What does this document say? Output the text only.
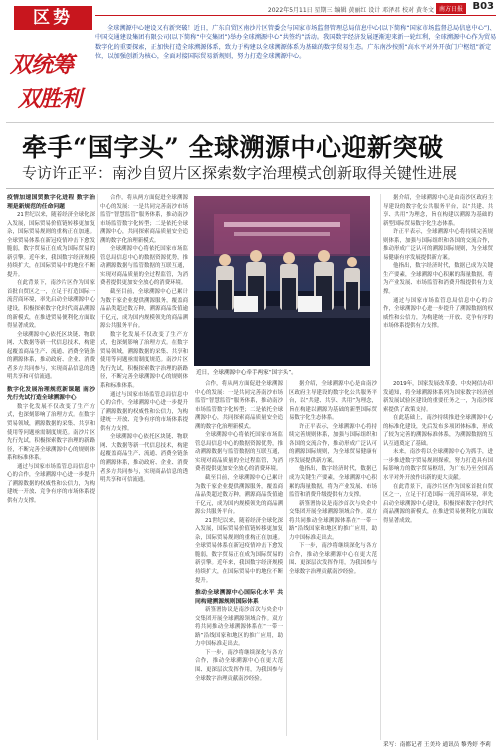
区势	2022年5月11日 星期三 编辑 黄丽红 设计 邓泽君 校对 黄冬文 南方日报 B03
双统筹
双胜利
全球溯源中心建设又有新突破！近日，广东自贸区南沙片区管委会与国家市场监督管理总局信息中心(以下简称“国家市场监督总局信息中心”)、中国交通建设集团有限公司(以下简称“中交集团”)举办全球溯源中心“共签约”活动。我国数字经济发展逐渐迎来新一轮红利，全球溯源中心作为贸易数字化的重要探索，正加快打造全球溯源体系，致力于构建以全球溯源体系为基础的数字贸易生态。广东南沙按照“高水平对外开放门户枢纽”新定位，以加强创新为核心，全面对接国际贸易新规则，努力打造全球溯源中心。
牵手“国字头” 全球溯源中心迎新突破
专访许正平：南沙自贸片区探索数字治理模式创新取得关键性进展
疫情加速国贸数字化进程 数字治理是新规范的任命问题

21世纪以来，随着经济全球化深入发展，国际贸易价值链转移更加复杂，国际贸易规则的重构正在加速。全球贸易体系在新冠疫情冲击下愈发脆弱，数字贸易正在成为国际贸易的新引擎。近年来，我国数字经济规模持续扩大，在国际贸易中的地位不断提升。

在此背景下，南沙片区作为国家首批自贸区之一，立足于打造国际一流营商环境，率先启动全球溯源中心建设，积极探索数字化时代商品溯源的新模式，在推进贸易便利化方面取得显著成效。

全球溯源中心依托区块链、物联网、大数据等新一代信息技术，构建起覆盖商品生产、流通、消费全链条的溯源体系，推动政府、企业、消费者多方共同参与，实现商品信息的透明共享和可信流通。

数字化发展治理规范新课题 南沙先行先试打造全球溯源中心

数字化发展不仅改变了生产方式，也深刻影响了治理方式。在数字贸易领域，溯源数据的采集、共享和使用等问题亟需制度规范。南沙片区先行先试，积极探索数字治理的新路径，不断完善全球溯源中心的规则体系和标准体系。

通过与国家市场监管总局信息中心的合作，全球溯源中心进一步提升了溯源数据的权威性和公信力，为构建统一开放、竞争有序的市场体系提供有力支撑。

合作，将从两方面促进全球溯源中心的发展：一是共同完善南沙市场监管“智慧监管”服务体系，推动南沙市场监管数字化转型；二是依托全球溯源中心，共同探索商品质量安全追溯的数字化治理新模式。

全球溯源中心将依托国家市场监管总局信息中心的数据资源优势，推动溯源数据与监管数据的互联互通，实现对商品质量的全过程监管，为消费者提供更加安全放心的消费环境。

截至目前，全球溯源中心已累计为数千家企业提供溯源服务，覆盖商品品类超过数万种，溯源商品货值逾千亿元，成为国内规模领先的商品溯源公共服务平台。

数字化发展不仅改变了生产方式，也深刻影响了治理方式。在数字贸易领域，溯源数据的采集、共享和使用等问题亟需制度规范。南沙片区先行先试，积极探索数字治理的新路径，不断完善全球溯源中心的规则体系和标准体系。

通过与国家市场监管总局信息中心的合作，全球溯源中心进一步提升了溯源数据的权威性和公信力，为构建统一开放、竞争有序的市场体系提供有力支撑。

全球溯源中心依托区块链、物联网、大数据等新一代信息技术，构建起覆盖商品生产、流通、消费全链条的溯源体系，推动政府、企业、消费者多方共同参与，实现商品信息的透明共享和可信流通。

近日，全球溯源中心牵手两家“国字头”。

合作，将从两方面促进全球溯源中心的发展：一是共同完善南沙市场监管“智慧监管”服务体系，推动南沙市场监管数字化转型；二是依托全球溯源中心，共同探索商品质量安全追溯的数字化治理新模式。

全球溯源中心将依托国家市场监管总局信息中心的数据资源优势，推动溯源数据与监管数据的互联互通，实现对商品质量的全过程监管，为消费者提供更加安全放心的消费环境。

截至目前，全球溯源中心已累计为数千家企业提供溯源服务，覆盖商品品类超过数万种，溯源商品货值逾千亿元，成为国内规模领先的商品溯源公共服务平台。

21世纪以来，随着经济全球化深入发展，国际贸易价值链转移更加复杂，国际贸易规则的重构正在加速。全球贸易体系在新冠疫情冲击下愈发脆弱，数字贸易正在成为国际贸易的新引擎。近年来，我国数字经济规模持续扩大，在国际贸易中的地位不断提升。

推动全球溯源中心国际化水平 共同构建溯源规则国际体系

新签署协议是南沙首次与央企中交集团开展全球溯源领域合作。双方将共同推动全球溯源体系在“一带一路”沿线国家和地区的推广应用，助力中国标准走出去。

下一步，南沙将继续深化与各方合作，推动全球溯源中心在更大范围、更深层次发挥作用，为我国参与全球数字治理贡献南沙经验。

据介绍，全球溯源中心是由南沙区政府主导建设的数字化公共服务平台，以“共建、共享、共用”为理念，旨在构建以溯源为基础的新型国际贸易数字化生态体系。

许正平表示，全球溯源中心将持续完善规则体系，加强与国际组织和各国的交流合作，推动形成广泛认可的溯源国际规则，为全球贸易健康有序发展提供新方案。

他指出，数字经济时代，数据已成为关键生产要素，全球溯源中心积累的海量数据，将为产业发展、市场监管和消费升级提供有力支撑。

新签署协议是南沙首次与央企中交集团开展全球溯源领域合作。双方将共同推动全球溯源体系在“一带一路”沿线国家和地区的推广应用，助力中国标准走出去。

下一步，南沙将继续深化与各方合作，推动全球溯源中心在更大范围、更深层次发挥作用，为我国参与全球数字治理贡献南沙经验。

据介绍，全球溯源中心是由南沙区政府主导建设的数字化公共服务平台，以“共建、共享、共用”为理念，旨在构建以溯源为基础的新型国际贸易数字化生态体系。

许正平表示，全球溯源中心将持续完善规则体系，加强与国际组织和各国的交流合作，推动形成广泛认可的溯源国际规则，为全球贸易健康有序发展提供新方案。

他指出，数字经济时代，数据已成为关键生产要素，全球溯源中心积累的海量数据，将为产业发展、市场监管和消费升级提供有力支撑。

通过与国家市场监管总局信息中心的合作，全球溯源中心进一步提升了溯源数据的权威性和公信力，为构建统一开放、竞争有序的市场体系提供有力支撑。

2019年，国家发展改革委、中央网信办印发通知，将全球溯源体系列为国家数字经济创新发展试验区建设的重要任务之一，为南沙探索提供了政策支持。

在此基础上，南沙持续推进全球溯源中心的标准化建设，先后发布多项团体标准，形成了较为完善的溯源标准体系，为溯源数据的互认互通奠定了基础。

未来，南沙将以全球溯源中心为抓手，进一步推进数字贸易规则探索，努力打造具有国际影响力的数字贸易枢纽，为广东乃至全国高水平对外开放作出新的更大贡献。

在此背景下，南沙片区作为国家首批自贸区之一，立足于打造国际一流营商环境，率先启动全球溯源中心建设，积极探索数字化时代商品溯源的新模式，在推进贸易便利化方面取得显著成效。

采写：南都记者 王美玲 通讯员 黎秀婷 李莉
